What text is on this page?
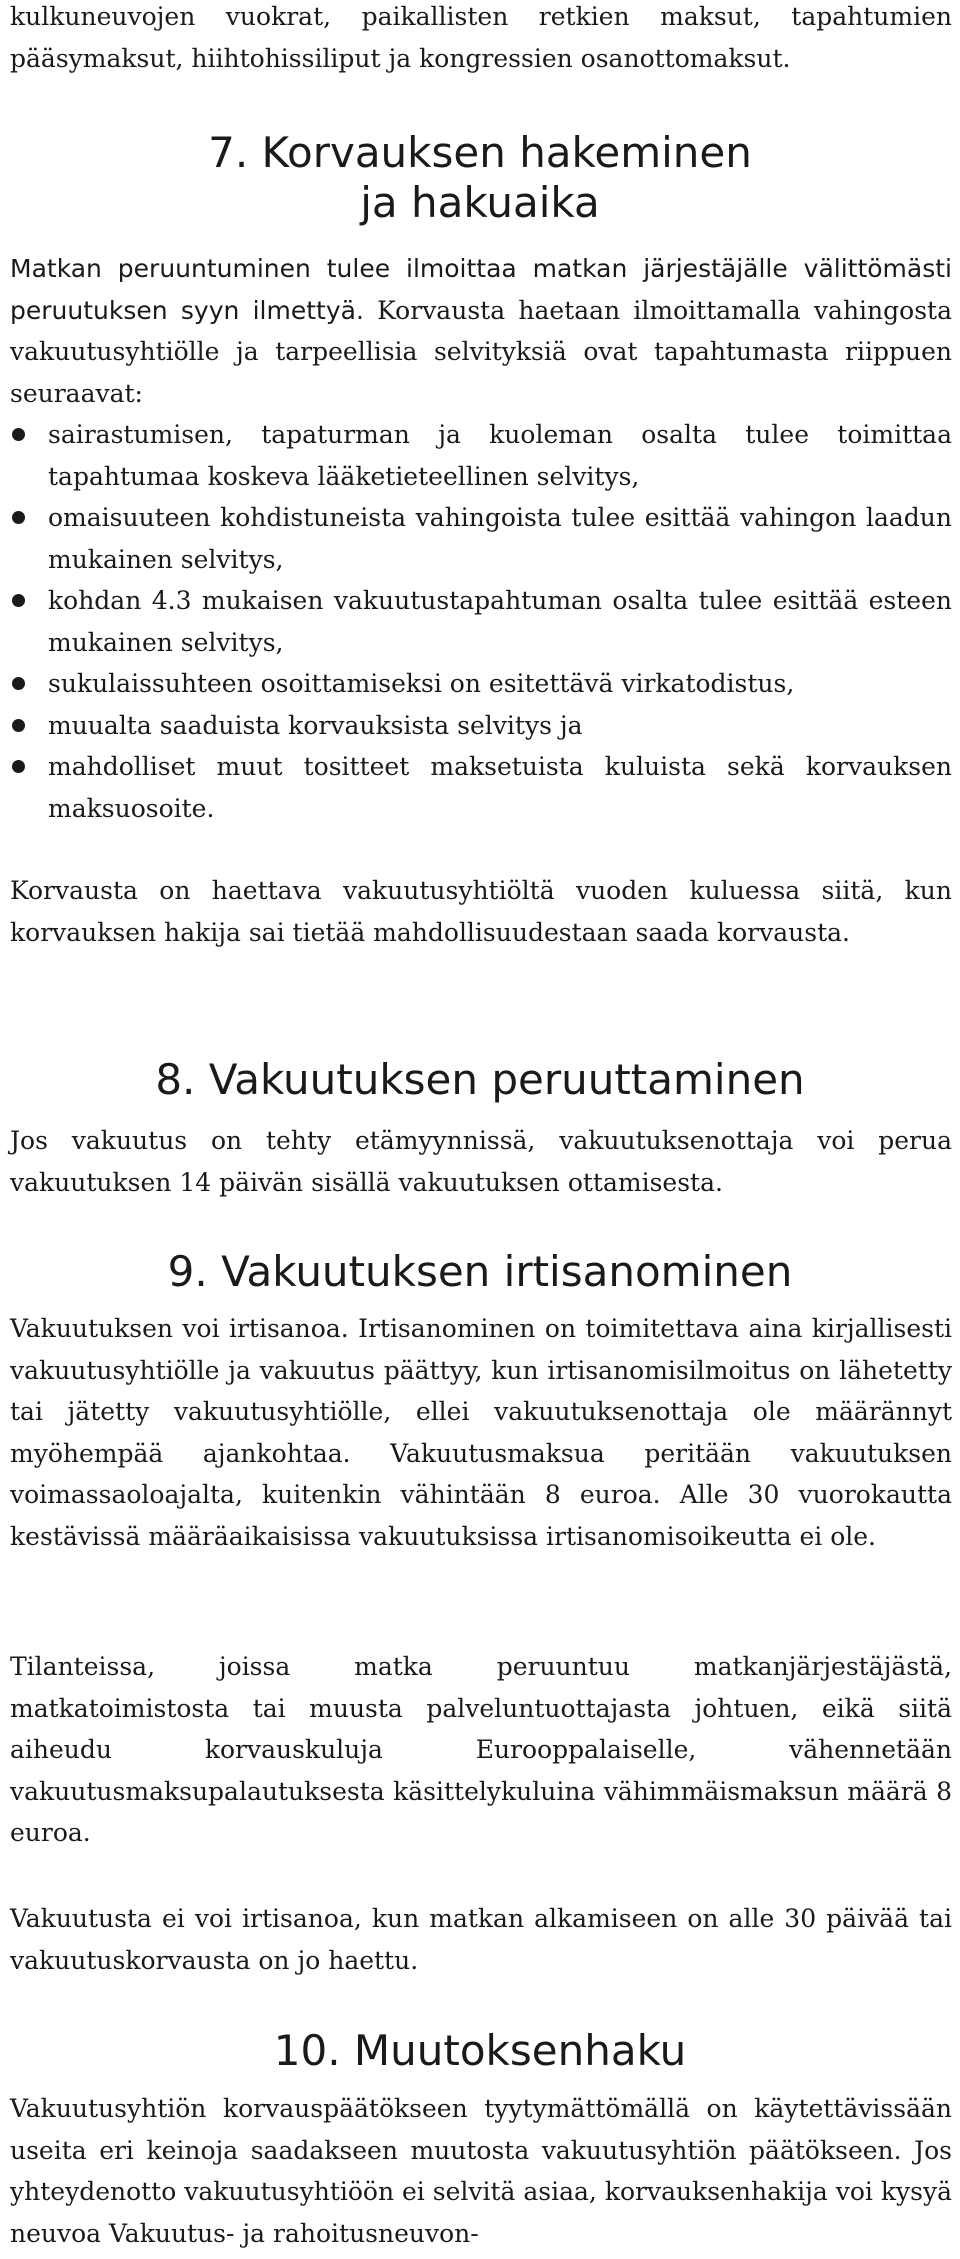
kulkuneuvojen vuokrat, paikallisten retkien maksut, tapahtumien pääsymaksut, hiihtohissiliput ja kongressien osanottomaksut.

7. Korvauksen hakeminen
ja hakuaika

Matkan peruuntuminen tulee ilmoittaa matkan järjestäjälle välittömästi peruutuksen syyn ilmettyä. Korvausta haetaan ilmoittamalla vahingosta vakuutusyhtiölle ja tarpeellisia selvityksiä ovat tapahtumasta riippuen seuraavat:

sairastumisen, tapaturman ja kuoleman osalta tulee toimittaa tapahtumaa koskeva lääketieteellinen selvitys,
omaisuuteen kohdistuneista vahingoista tulee esittää vahingon laadun mukainen selvitys,
kohdan 4.3 mukaisen vakuutustapahtuman osalta tulee esittää esteen mukainen selvitys,
sukulaissuhteen osoittamiseksi on esitettävä virkatodistus,
muualta saaduista korvauksista selvitys ja
mahdolliset muut tositteet maksetuista kuluista sekä korvauksen maksuosoite.

Korvausta on haettava vakuutusyhtiöltä vuoden kuluessa siitä, kun korvauksen hakija sai tietää mahdollisuudestaan saada korvausta.

8. Vakuutuksen peruuttaminen

Jos vakuutus on tehty etämyynnissä, vakuutuksenottaja voi perua vakuutuksen 14 päivän sisällä vakuutuksen ottamisesta.

9. Vakuutuksen irtisanominen

Vakuutuksen voi irtisanoa. Irtisanominen on toimitettava aina kirjallisesti vakuutusyhtiölle ja vakuutus päättyy, kun irtisanomisilmoitus on lähetetty tai jätetty vakuutusyhtiölle, ellei vakuutuksenottaja ole määrännyt myöhempää ajankohtaa. Vakuutusmaksua peritään vakuutuksen voimassaoloajalta, kuitenkin vähintään 8 euroa. Alle 30 vuorokautta kestävissä määräaikaisissa vakuutuksissa irtisanomisoikeutta ei ole.

Tilanteissa, joissa matka peruuntuu matkanjärjestäjästä, matkatoimistosta tai muusta palveluntuottajasta johtuen, eikä siitä aiheudu korvauskuluja Eurooppalaiselle, vähennetään vakuutusmaksupalautuksesta käsittelykuluina vähimmäismaksun määrä 8 euroa.

Vakuutusta ei voi irtisanoa, kun matkan alkamiseen on alle 30 päivää tai vakuutuskorvausta on jo haettu.

10. Muutoksenhaku

Vakuutusyhtiön korvauspäätökseen tyytymättömällä on käytettävissään useita eri keinoja saadakseen muutosta vakuutusyhtiön päätökseen. Jos yhteydenotto vakuutusyhtiöön ei selvitä asiaa, korvauksenhakija voi kysyä neuvoa Vakuutus- ja rahoitusneuvon-
